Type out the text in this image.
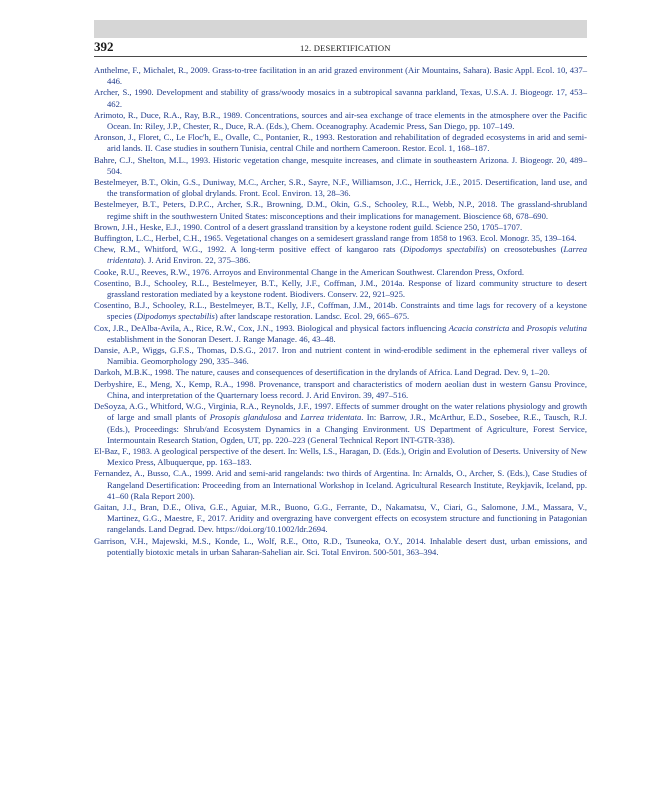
392	12. DESERTIFICATION
Anthelme, F., Michalet, R., 2009. Grass-to-tree facilitation in an arid grazed environment (Air Mountains, Sahara). Basic Appl. Ecol. 10, 437–446.
Archer, S., 1990. Development and stability of grass/woody mosaics in a subtropical savanna parkland, Texas, U.S.A. J. Biogeogr. 17, 453–462.
Arimoto, R., Duce, R.A., Ray, B.R., 1989. Concentrations, sources and air-sea exchange of trace elements in the atmosphere over the Pacific Ocean. In: Riley, J.P., Chester, R., Duce, R.A. (Eds.), Chem. Oceanography. Academic Press, San Diego, pp. 107–149.
Aronson, J., Floret, C., Le Floc'h, E., Ovalle, C., Pontanier, R., 1993. Restoration and rehabilitation of degraded ecosystems in arid and semi-arid lands. II. Case studies in southern Tunisia, central Chile and northern Cameroon. Restor. Ecol. 1, 168–187.
Bahre, C.J., Shelton, M.L., 1993. Historic vegetation change, mesquite increases, and climate in southeastern Arizona. J. Biogeogr. 20, 489–504.
Bestelmeyer, B.T., Okin, G.S., Duniway, M.C., Archer, S.R., Sayre, N.F., Williamson, J.C., Herrick, J.E., 2015. Desertification, land use, and the transformation of global drylands. Front. Ecol. Environ. 13, 28–36.
Bestelmeyer, B.T., Peters, D.P.C., Archer, S.R., Browning, D.M., Okin, G.S., Schooley, R.L., Webb, N.P., 2018. The grassland-shrubland regime shift in the southwestern United States: misconceptions and their implications for management. Bioscience 68, 678–690.
Brown, J.H., Heske, E.J., 1990. Control of a desert grassland transition by a keystone rodent guild. Science 250, 1705–1707.
Buffington, L.C., Herbel, C.H., 1965. Vegetational changes on a semidesert grassland range from 1858 to 1963. Ecol. Monogr. 35, 139–164.
Chew, R.M., Whitford, W.G., 1992. A long-term positive effect of kangaroo rats (Dipodomys spectabilis) on creosotebushes (Larrea tridentata). J. Arid Environ. 22, 375–386.
Cooke, R.U., Reeves, R.W., 1976. Arroyos and Environmental Change in the American Southwest. Clarendon Press, Oxford.
Cosentino, B.J., Schooley, R.L., Bestelmeyer, B.T., Kelly, J.F., Coffman, J.M., 2014a. Response of lizard community structure to desert grassland restoration mediated by a keystone rodent. Biodivers. Conserv. 22, 921–925.
Cosentino, B.J., Schooley, R.L., Bestelmeyer, B.T., Kelly, J.F., Coffman, J.M., 2014b. Constraints and time lags for recovery of a keystone species (Dipodomys spectabilis) after landscape restoration. Landsc. Ecol. 29, 665–675.
Cox, J.R., DeAlba-Avila, A., Rice, R.W., Cox, J.N., 1993. Biological and physical factors influencing Acacia constricta and Prosopis velutina establishment in the Sonoran Desert. J. Range Manage. 46, 43–48.
Dansie, A.P., Wiggs, G.F.S., Thomas, D.S.G., 2017. Iron and nutrient content in wind-erodible sediment in the ephemeral river valleys of Namibia. Geomorphology 290, 335–346.
Darkoh, M.B.K., 1998. The nature, causes and consequences of desertification in the drylands of Africa. Land Degrad. Dev. 9, 1–20.
Derbyshire, E., Meng, X., Kemp, R.A., 1998. Provenance, transport and characteristics of modern aeolian dust in western Gansu Province, China, and interpretation of the Quarternary loess record. J. Arid Environ. 39, 497–516.
DeSoyza, A.G., Whitford, W.G., Virginia, R.A., Reynolds, J.F., 1997. Effects of summer drought on the water relations physiology and growth of large and small plants of Prosopis glandulosa and Larrea tridentata. In: Barrow, J.R., McArthur, E.D., Sosebee, R.E., Tausch, R.J. (Eds.), Proceedings: Shrub/and Ecosystem Dynamics in a Changing Environment. US Department of Agriculture, Forest Service, Intermountain Research Station, Ogden, UT, pp. 220–223 (General Technical Report INT-GTR-338).
El-Baz, F., 1983. A geological perspective of the desert. In: Wells, I.S., Haragan, D. (Eds.), Origin and Evolution of Deserts. University of New Mexico Press, Albuquerque, pp. 163–183.
Fernandez, A., Busso, C.A., 1999. Arid and semi-arid rangelands: two thirds of Argentina. In: Arnalds, O., Archer, S. (Eds.), Case Studies of Rangeland Desertification: Proceeding from an International Workshop in Iceland. Agricultural Research Institute, Reykjavik, Iceland, pp. 41–60 (Rala Report 200).
Gaitan, J.J., Bran, D.E., Oliva, G.E., Aguiar, M.R., Buono, G.G., Ferrante, D., Nakamatsu, V., Ciari, G., Salomone, J.M., Massara, V., Martinez, G.G., Maestre, F., 2017. Aridity and overgrazing have convergent effects on ecosystem structure and functioning in Patagonian rangelands. Land Degrad. Dev. https://doi.org/10.1002/ldr.2694.
Garrison, V.H., Majewski, M.S., Konde, L., Wolf, R.E., Otto, R.D., Tsuneoka, O.Y., 2014. Inhalable desert dust, urban emissions, and potentially biotoxic metals in urban Saharan-Sahelian air. Sci. Total Environ. 500-501, 363–394.
